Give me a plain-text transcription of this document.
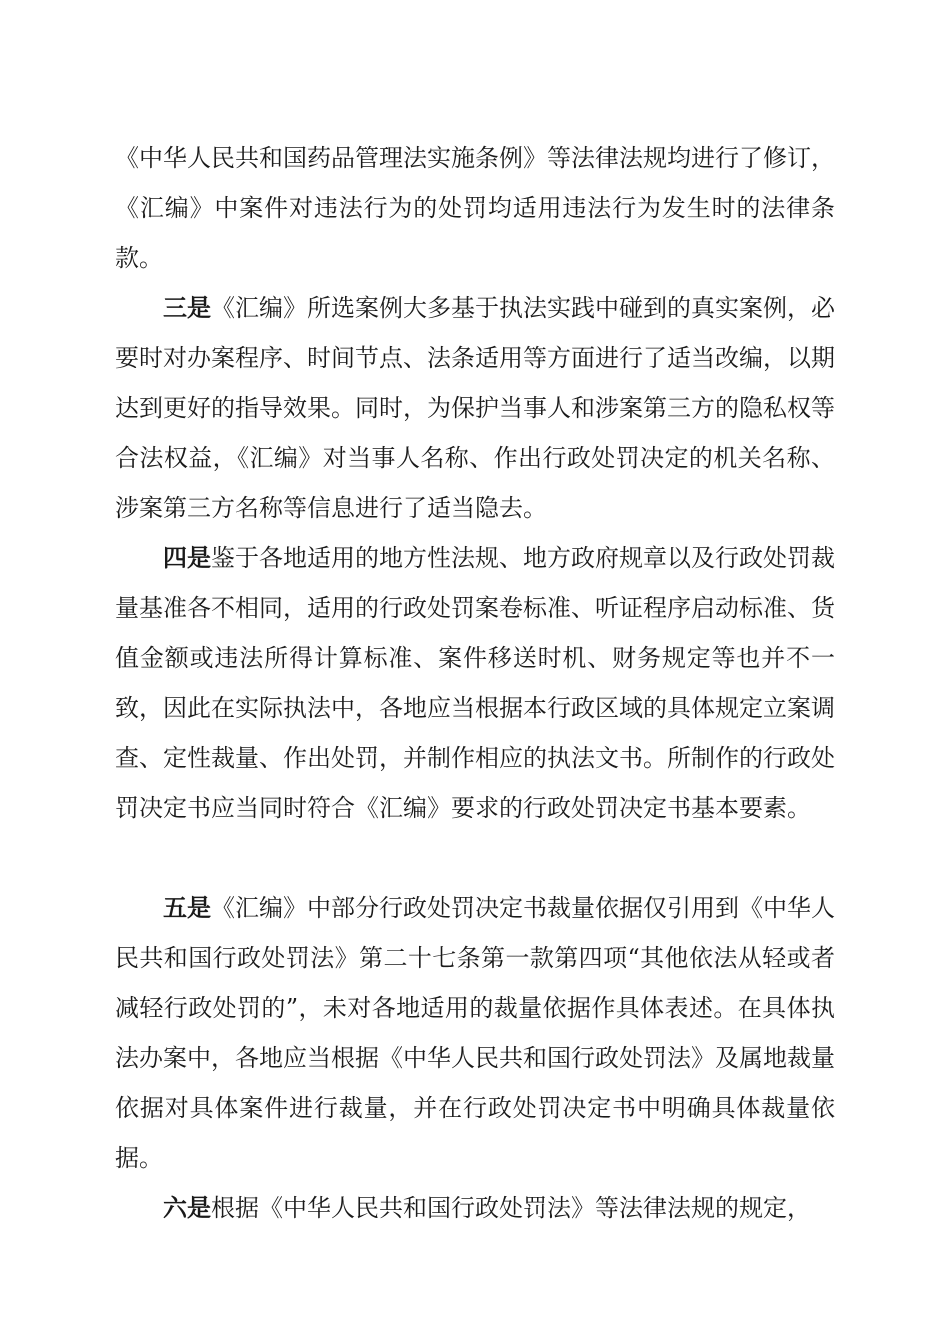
《中华人民共和国药品管理法实施条例》等法律法规均进行了修订，《汇编》中案件对违法行为的处罚均适用违法行为发生时的法律条款。

三是《汇编》所选案例大多基于执法实践中碰到的真实案例，必要时对办案程序、时间节点、法条适用等方面进行了适当改编，以期达到更好的指导效果。同时，为保护当事人和涉案第三方的隐私权等合法权益，《汇编》对当事人名称、作出行政处罚决定的机关名称、涉案第三方名称等信息进行了适当隐去。

四是鉴于各地适用的地方性法规、地方政府规章以及行政处罚裁量基准各不相同，适用的行政处罚案卷标准、听证程序启动标准、货值金额或违法所得计算标准、案件移送时机、财务规定等也并不一致，因此在实际执法中，各地应当根据本行政区域的具体规定立案调查、定性裁量、作出处罚，并制作相应的执法文书。所制作的行政处罚决定书应当同时符合《汇编》要求的行政处罚决定书基本要素。

五是《汇编》中部分行政处罚决定书裁量依据仅引用到《中华人民共和国行政处罚法》第二十七条第一款第四项“其他依法从轻或者减轻行政处罚的”，未对各地适用的裁量依据作具体表述。在具体执法办案中，各地应当根据《中华人民共和国行政处罚法》及属地裁量依据对具体案件进行裁量，并在行政处罚决定书中明确具体裁量依据。

六是根据《中华人民共和国行政处罚法》等法律法规的规定，
